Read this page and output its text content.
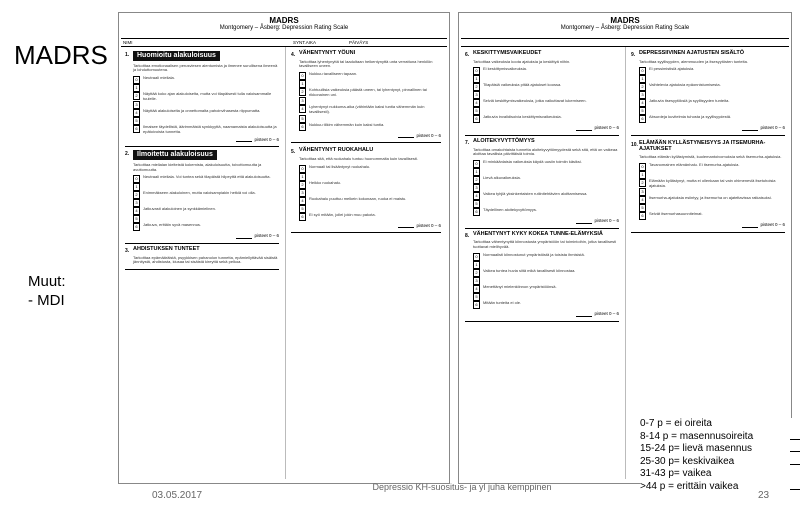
MADRS
Muut:
- MDI
MADRS
Montgomery – Åsberg: Depression Rating Scale
NIMI	SYNT.AIKA	PÄIVÄYS
1. Huomioitu alakuloisuus
Tarkoittaa emotionaalisen perusviesen alentumista ja ilmenee surullisena ilmeenä ja lohduttomuutena.
0	Neutraali mieliala.
1
2	Näyttää koko ajan alakuloiselta, mutta voi tilapäisesti tulla valoisammalle tuulelle.
3
4	Näyttää alakuloiselta ja onnettomalta pahoinvihasesta riippumatta.
5
6	Ilmaisee täydellistä, äärimmäistä synkkyyttä, naamamaista alakuloisuutta ja epätoivoista tunnetta.
pisteet 0 – 6
2. Ilmoitettu alakuloisuus
Tarkoittaa mielialan kielteistä kokemista, alakuloisuutta, toivottomuutta ja avuttomuutta.
0	Neutraali mieliala. Voi tuntea sekä tilapäistä hilpeyttä että alakuloisuutta.
1
2	Enimmäkseen alakuloinen, mutta valoisampiakin hetkiä voi olla.
3
4	Jatkuvasti alakuloinen ja synkkämielinen.
5
6	Jatkuva, erittäin syvä masennus.
pisteet 0 – 6
3. AHDISTUKSEN TUNTEET
Tarkoittaa epämääräistä, psyykkisen pahanolon tunnetta, epämiellyttävää sisäistä jännitystä, ahdistusta, kiusaa tai sisäistä kireyttä sekä pelkoa.
4. VÄHENTYNYT YÖUNI
Tarkoittaa lyhentynyttä tai laadultaan heikentynyttä unta verrattuna henkilön tavalliseen uneen.
0	Nukkuu tavalliseen tapaan.
1
2	Kohtuullisia vaikeuksia päästä uneen, tai lyhentynyt, pinnallinen tai rikkonainen uni.
3
4	Lyhentynyt nukkuma-aika (vähintään kaksi tuntia vähemmän kuin tavallisesti).
5
6	Nukkuu tilkim vähemmän kuin kaksi tuntia.
pisteet 0 – 6
5. VÄHENTYNYT RUOKAHALU
Tarkoittaa sitä, että ruokahalu tuntuu huonommalta kuin tavallisesti.
0	Normaali tai lisääntynyt ruokahalu.
1
2	Heikko ruokahalu.
3
4	Ruokahalu puuttuu melkein kokonaan, ruoka ei maistu.
5
6	Ei syö mitään, jollei jokin muu pakota.
pisteet 0 – 6
MADRS
Montgomery – Åsberg: Depression Rating Scale
6. KESKITTYMISVAIKEUDET
Tarkoittaa vaikeuksia koota ajatuksia ja keskittyä niihin.
0	Ei keskittymisvaikeuksia.
1
2	Tilapäisiä vaikeuksia pitää ajatukset koossa.
3
4	Selviä keskittymisvaikeuksia, jotka vaikuttavat lukemiseen.
5
6	Jatkuvia invalidisoivia keskittymisvaikeuksia.
pisteet 0 – 6
7. ALOITEKYVYTTÖMYYS
Tarkoittaa omakohtaista tunnetta aloitekyvyttömyydestä sekä sitä, että on vaikeaa aloittaa tavallisia päivittäisiä toimia.
0	Ei minkäänlaisia vaikeuksia käydä uusiin toimiin käsiksi.
1
2	Lievä alkuvaikeuksia.
3
4	Vaikea tyhjiä yksinkertaisten rutiinitehtävien aloittamisessa.
5
6	Täydellinen aloitekyvyttömyys.
pisteet 0 – 6
8. VÄHENTYNYT KYKY KOKEA TUNNE-ELÄMYKSIÄ
Tarkoittaa vähentynyttä kiinnostusta ympäristöön tai toimintoihin, jotka tavallisesti tuottavat mielihyvää.
0	Normaalisti kiinnostunut ympäristöstä ja toisista ihmisistä.
1
2	Vaikea tuntea huvia siitä mikä tavallisesti kiinnostaa.
3
4	Menettänyt mielenkiinnon ympäristöönsä.
5
6	Mitään tunteita ei ole.
pisteet 0 – 6
9. DEPRESSIIVINEN AJATUSTEN SISÄLTÖ
Tarkoittaa syyllisyyden, alemmuuden ja itsesyytösten tunteita.
0	Ei pessimistisiä ajatuksia.
1
2	Vaihtelevia ajatuksia epäonnistumisesta.
3
4	Jatkuvia itsesyytöksiä ja syyllisyyden tunteita.
5
6	Absurdeja kuvitelmia tuhosta ja syyllisyydestä.
pisteet 0 – 6
10. ELÄMÄÄN KYLLÄSTYNEISYYS JA ITSEMURHA-AJATUKSET
Tarkoittaa elämän kyllästymistä, kuolemantoivomuksia sekä itsemurha-ajatuksia.
0	Tavanomainen elämänhalu. Ei itsemurha-ajatuksia.
1
2	Elämään kyllästynyt, mutta ei ollenkaan tai vain ohimeneviä itsetuhoisia ajatuksia.
3
4	Itsemurha-ajatuksia esiintyy, ja itsemurha on ajateltavissa ratkaisuksi.
5
6	Selvät itsemurhasuunnitelmat.
pisteet 0 – 6
0-7 p = ei oireita
8-14 p = masennusoireita
15-24 p= lievä masennus
25-30 p= keskivaikea
31-43 p= vaikea
>44 p = erittäin vaikea
03.05.2017
Depressio KH-suositus- ja yl juha kemppinen
23
